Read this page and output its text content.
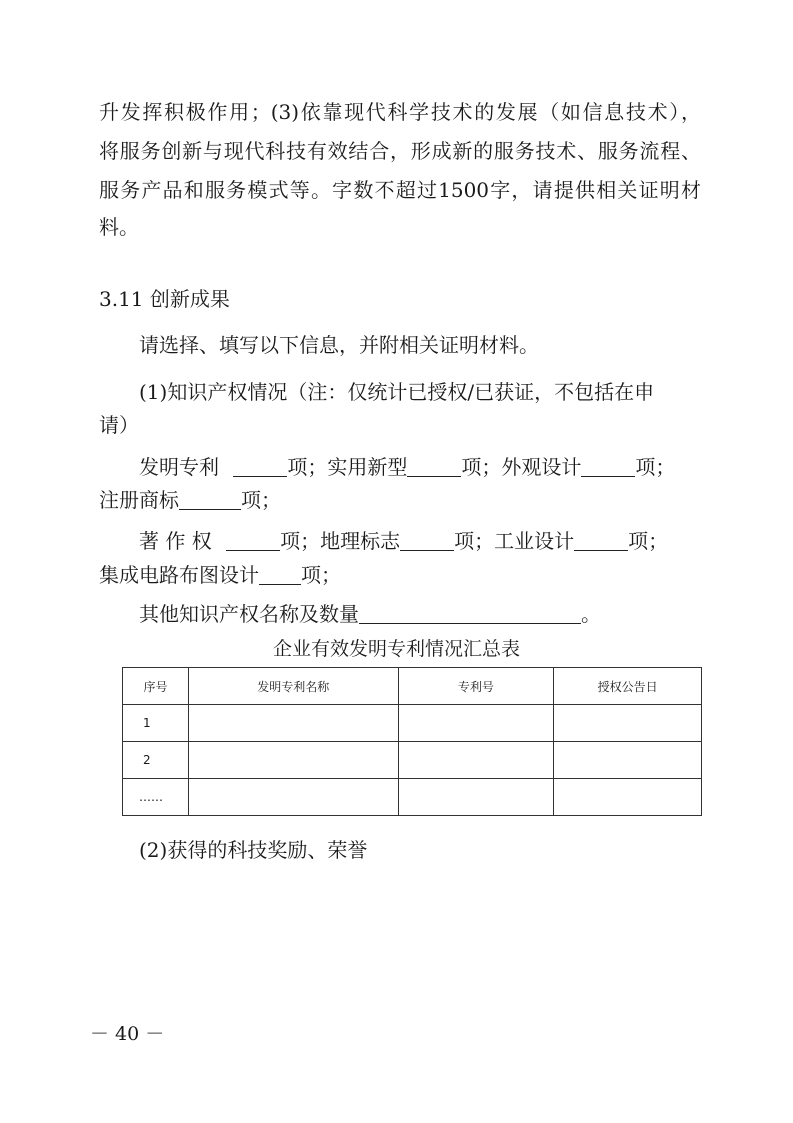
升发挥积极作用；(3)依靠现代科学技术的发展（如信息技术），
将服务创新与现代科技有效结合，形成新的服务技术、服务流程、
服务产品和服务模式等。字数不超过1500字，请提供相关证明材
料。
3.11 创新成果
请选择、填写以下信息，并附相关证明材料。
(1)知识产权情况（注：仅统计已授权/已获证，不包括在申
请）
发明专利	项；实用新型	项；外观设计	项；
注册商标	项；
著 作 权	项；地理标志	项；工业设计	项；
集成电路布图设计 项；
其他知识产权名称及数量	。
企业有效发明专利情况汇总表
序号	发明专利名称	专利号	授权公告日
1			
2			
……			
(2)获得的科技奖励、荣誉
－ 40 －
